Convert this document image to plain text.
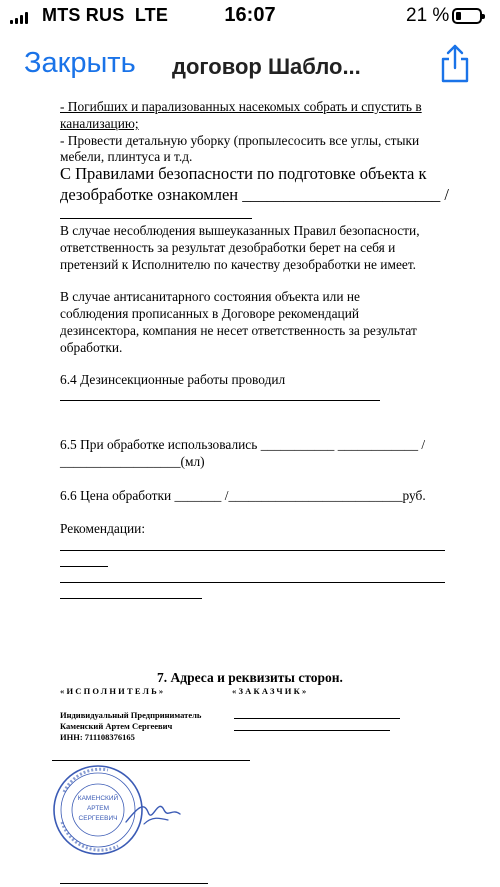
MTS RUS LTE	16:07	21 %
Закрыть договор Шабло...
- Погибших и парализованных насекомых собрать и спустить в
канализацию;
- Провести детальную уборку (пропылесосить все углы, стыки
мебели, плинтуса и т.д.
С Правилами безопасности по подготовке объекта к
дезобработке ознакомлен ________________________ /
В случае несоблюдения вышеуказанных Правил безопасности,
ответственность за результат дезобработки берет на себя и
претензий к Исполнителю по качеству дезобработки не имеет.
В случае антисанитарного состояния объекта или не
соблюдения прописанных в Договоре рекомендаций
дезинсектора, компания не несет ответственность за результат
обработки.
6.4 Дезинсекционные работы проводил
6.5 При обработке использовались ___________ ____________ /
__________________(мл)
6.6 Цена обработки _______ /__________________________руб.
Рекомендации:
7. Адреса и реквизиты сторон.
«ИСПОЛНИТЕЛЬ»	«ЗАКАЗЧИК»
Индивидуальный Предприниматель
Каменский Артем Сергеевич
ИНН: 711108376165
КАМЕНСКИЙ
АРТЕМ
СЕРГЕЕВИЧ
